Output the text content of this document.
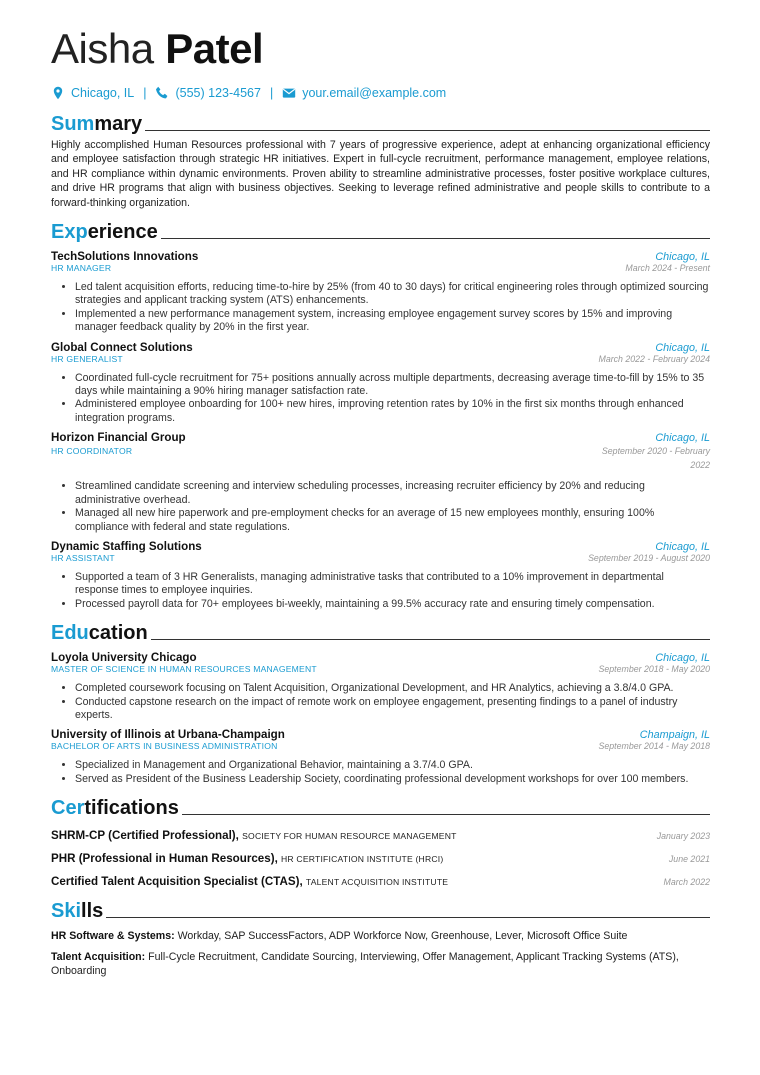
Aisha Patel
Chicago, IL | (555) 123-4567 | your.email@example.com
Summary

Highly accomplished Human Resources professional with 7 years of progressive experience, adept at enhancing organizational efficiency and employee satisfaction through strategic HR initiatives. Expert in full-cycle recruitment, performance management, employee relations, and HR compliance within dynamic environments. Proven ability to streamline administrative processes, foster positive workplace cultures, and drive HR programs that align with business objectives. Seeking to leverage refined administrative and people skills to contribute to a forward-thinking organization.

Experience
TechSolutions Innovations	Chicago, IL
HR MANAGER	March 2024 - Present
• Led talent acquisition efforts, reducing time-to-hire by 25% (from 40 to 30 days) for critical engineering roles through optimized sourcing strategies and applicant tracking system (ATS) enhancements.
• Implemented a new performance management system, increasing employee engagement survey scores by 15% and improving manager feedback quality by 20% in the first year.
Global Connect Solutions	Chicago, IL
HR GENERALIST	March 2022 - February 2024
• Coordinated full-cycle recruitment for 75+ positions annually across multiple departments, decreasing average time-to-fill by 15% to 35 days while maintaining a 90% hiring manager satisfaction rate.
• Administered employee onboarding for 100+ new hires, improving retention rates by 10% in the first six months through enhanced integration programs.
Horizon Financial Group	Chicago, IL
HR COORDINATOR	September 2020 - February 2022
• Streamlined candidate screening and interview scheduling processes, increasing recruiter efficiency by 20% and reducing administrative overhead.
• Managed all new hire paperwork and pre-employment checks for an average of 15 new employees monthly, ensuring 100% compliance with federal and state regulations.
Dynamic Staffing Solutions	Chicago, IL
HR ASSISTANT	September 2019 - August 2020
• Supported a team of 3 HR Generalists, managing administrative tasks that contributed to a 10% improvement in departmental response times to employee inquiries.
• Processed payroll data for 70+ employees bi-weekly, maintaining a 99.5% accuracy rate and ensuring timely compensation.
Education
Loyola University Chicago	Chicago, IL
MASTER OF SCIENCE IN HUMAN RESOURCES MANAGEMENT	September 2018 - May 2020
• Completed coursework focusing on Talent Acquisition, Organizational Development, and HR Analytics, achieving a 3.8/4.0 GPA.
• Conducted capstone research on the impact of remote work on employee engagement, presenting findings to a panel of industry experts.
University of Illinois at Urbana-Champaign	Champaign, IL
BACHELOR OF ARTS IN BUSINESS ADMINISTRATION	September 2014 - May 2018
• Specialized in Management and Organizational Behavior, maintaining a 3.7/4.0 GPA.
• Served as President of the Business Leadership Society, coordinating professional development workshops for over 100 members.
Certifications
SHRM-CP (Certified Professional), SOCIETY FOR HUMAN RESOURCE MANAGEMENT	January 2023
PHR (Professional in Human Resources), HR CERTIFICATION INSTITUTE (HRCI)	June 2021
Certified Talent Acquisition Specialist (CTAS), TALENT ACQUISITION INSTITUTE	March 2022
Skills
HR Software & Systems: Workday, SAP SuccessFactors, ADP Workforce Now, Greenhouse, Lever, Microsoft Office Suite
Talent Acquisition: Full-Cycle Recruitment, Candidate Sourcing, Interviewing, Offer Management, Applicant Tracking Systems (ATS), Onboarding
